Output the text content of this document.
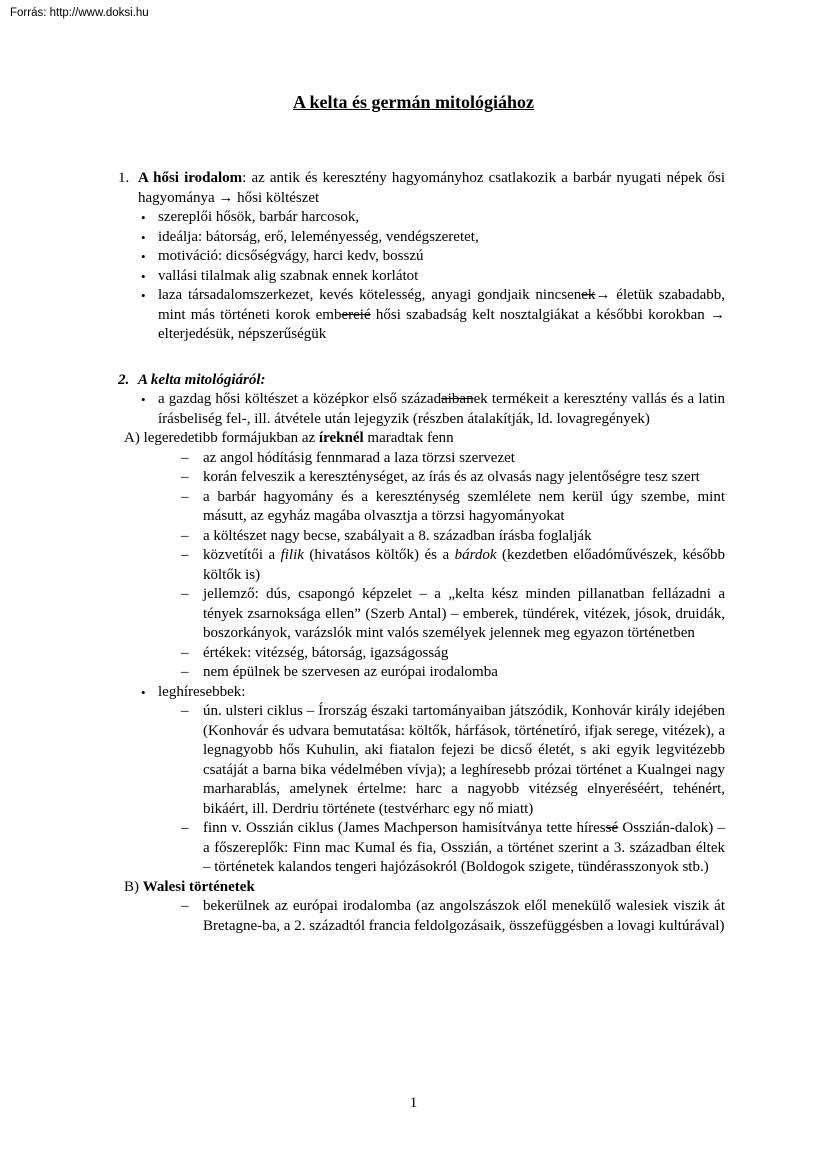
Forrás: http://www.doksi.hu
A kelta és germán mitológiához
1. A hősi irodalom: az antik és keresztény hagyományhoz csatlakozik a barbár nyugati népek ősi hagyománya → hősi költészet
• szereplői hősök, barbár harcosok,
• ideálja: bátorság, erő, leleményesség, vendégszeretet,
• motiváció: dicsőségvágy, harci kedv, bosszú
• vallási tilalmak alig szabnak ennek korlátot
• laza társadalomszerkezet, kevés kötelesség, anyagi gondjaik nincsenek→ életük szabadabb, mint más történeti korok embereié hősi szabadság kelt nosztalgiákat a későbbi korokban → elterjedésük, népszerűségük
2. A kelta mitológiáról:
• a gazdag hősi költészet a középkor első századaibanek termékeit a keresztény vallás és a latin írásbeliség fel-, ill. átvétele után lejegyzik (részben átalakítják, ld. lovagregények)
A) legeredetibb formájukban az íreknél maradtak fenn
– az angol hódításig fennmarad a laza törzsi szervezet
– korán felveszik a kereszténységet, az írás és az olvasás nagy jelentőségre tesz szert
– a barbár hagyomány és a kereszténység szemlélete nem kerül úgy szembe, mint másutt, az egyház magába olvasztja a törzsi hagyományokat
– a költészet nagy becse, szabályait a 8. században írásba foglalják
– közvetítői a filik (hivatásos költők) és a bárdok (kezdetben előadóművészek, később költők is)
– jellemző: dús, csapongó képzelet – a „kelta kész minden pillanatban fellázadni a tények zsarnoksága ellen” (Szerb Antal) – emberek, tündérek, vitézek, jósok, druidák, boszorkányok, varázslók mint valós személyek jelennek meg egyazon történetben
– értékek: vitézség, bátorság, igazságosság
– nem épülnek be szervesen az európai irodalomba
• leghíresebbek:
– ún. ulsteri ciklus – Írország északi tartományaiban játszódik, Konhovár király idejében (Konhovár és udvara bemutatása: költők, hárfások, történetíró, ifjak serege, vitézek), a legnagyobb hős Kuhulin, aki fiatalon fejezi be dicső életét, s aki egyik legvitézebb csatáját a barna bika védelmében vívja); a leghíresebb prózai történet a Kualngei nagy marharablás, amelynek értelme: harc a nagyobb vitézség elnyeréséért, tehénért, bikáért, ill. Derdriu története (testvérharc egy nő miatt)
– finn v. Osszián ciklus (James Machperson hamisítványa tette híressé Osszián-dalok) – a főszereplők: Finn mac Kumal és fia, Osszián, a történet szerint a 3. században éltek – történetek kalandos tengeri hajózásokról (Boldogok szigete, tündérasszonyok stb.)
B) Walesi történetek
– bekerülnek az európai irodalomba (az angolszászok elől menekülő walesiek viszik át Bretagne-ba, a 2. századtól francia feldolgozásaik, összefüggésben a lovagi kultúrával)
1
